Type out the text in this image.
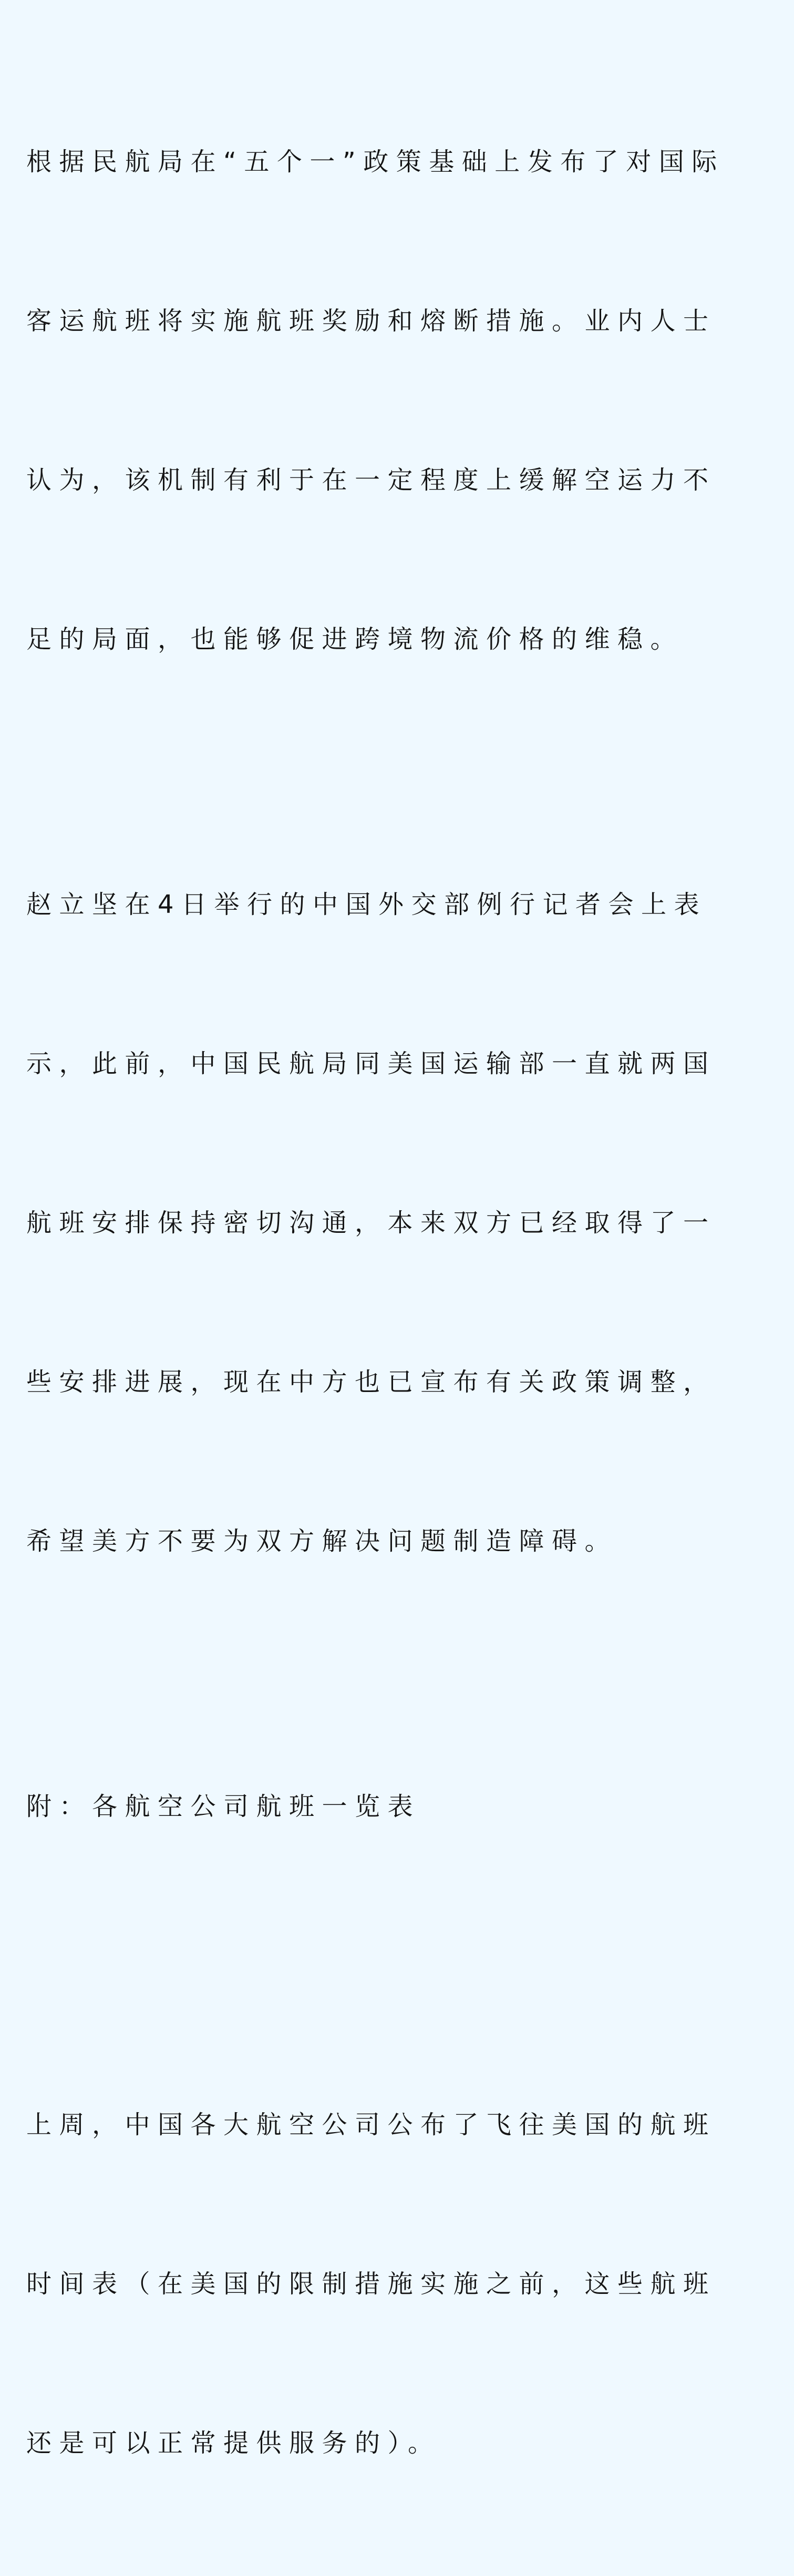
根据民航局在“五个一”政策基础上发布了对国际

客运航班将实施航班奖励和熔断措施。业内人士

认为，该机制有利于在一定程度上缓解空运力不

足的局面，也能够促进跨境物流价格的维稳。

赵立坚在4日举行的中国外交部例行记者会上表

示，此前，中国民航局同美国运输部一直就两国

航班安排保持密切沟通，本来双方已经取得了一

些安排进展，现在中方也已宣布有关政策调整，

希望美方不要为双方解决问题制造障碍。

附：各航空公司航班一览表

上周，中国各大航空公司公布了飞往美国的航班

时间表（在美国的限制措施实施之前，这些航班

还是可以正常提供服务的）。
